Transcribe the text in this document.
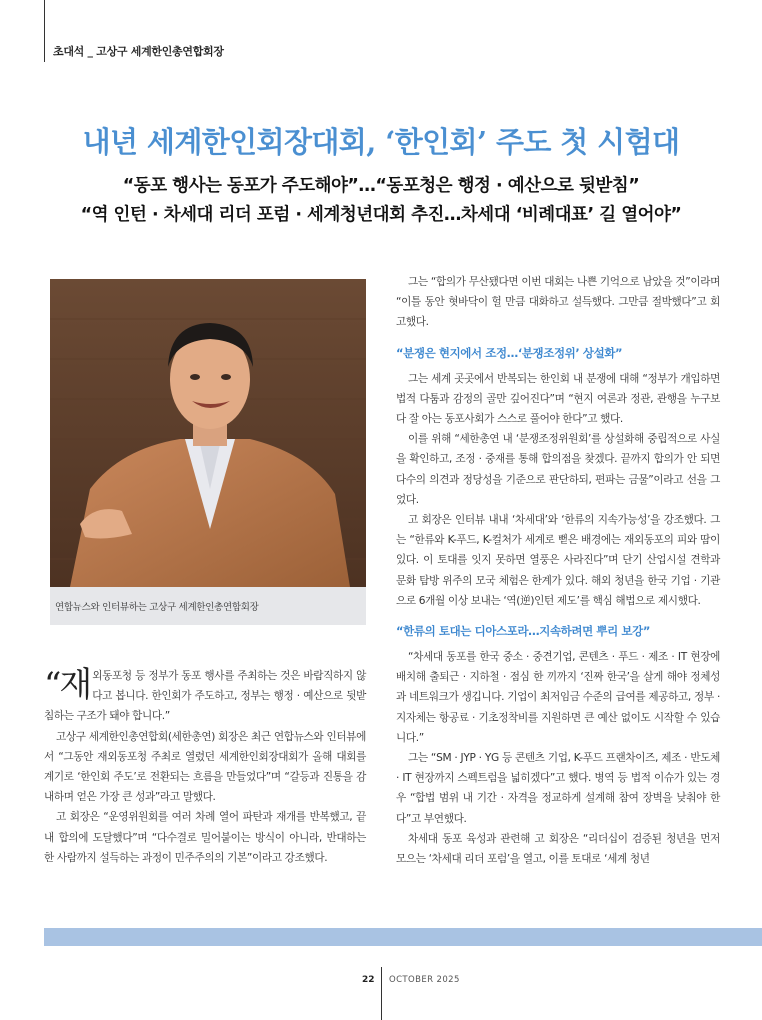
초대석 _ 고상구 세계한인총연합회장
내년 세계한인회장대회, ‘한인회’ 주도 첫 시험대
“동포 행사는 동포가 주도해야”…“동포청은 행정 · 예산으로 뒷받침”
“역 인턴 · 차세대 리더 포럼 · 세계청년대회 추진…차세대 ‘비례대표’ 길 열어야”
연합뉴스와 인터뷰하는 고상구 세계한인총연합회장
“재 외동포청 등 정부가 동포 행사를 주최하는 것은 바람직하지 않다고 봅니다. 한인회가 주도하고, 정부는 행정 · 예산으로 뒷받침하는 구조가 돼야 합니다.”

고상구 세계한인총연합회(세한총연) 회장은 최근 연합뉴스와 인터뷰에서 “그동안 재외동포청 주최로 열렸던 세계한인회장대회가 올해 대회를 계기로 ‘한인회 주도’로 전환되는 흐름을 만들었다”며 “갈등과 진통을 감내하며 얻은 가장 큰 성과”라고 말했다.

고 회장은 “운영위원회를 여러 차례 열어 파탄과 재개를 반복했고, 끝내 합의에 도달했다”며 “다수결로 밀어붙이는 방식이 아니라, 반대하는 한 사람까지 설득하는 과정이 민주주의의 기본”이라고 강조했다.

그는 “합의가 무산됐다면 이번 대회는 나쁜 기억으로 남았을 것”이라며 “이틀 동안 혓바닥이 헐 만큼 대화하고 설득했다. 그만큼 절박했다”고 회고했다.

“분쟁은 현지에서 조정…‘분쟁조정위’ 상설화”

그는 세계 곳곳에서 반복되는 한인회 내 분쟁에 대해 “정부가 개입하면 법적 다툼과 감정의 골만 깊어진다”며 “현지 여론과 정관, 관행을 누구보다 잘 아는 동포사회가 스스로 풀어야 한다”고 했다.

이를 위해 “세한총연 내 ‘분쟁조정위원회’를 상설화해 중립적으로 사실을 확인하고, 조정 · 중재를 통해 합의점을 찾겠다. 끝까지 합의가 안 되면 다수의 의견과 정당성을 기준으로 판단하되, 편파는 금물”이라고 선을 그었다.

고 회장은 인터뷰 내내 ‘차세대’와 ‘한류의 지속가능성’을 강조했다. 그는 “한류와 K-푸드, K-컬처가 세계로 뻗은 배경에는 재외동포의 피와 땀이 있다. 이 토대를 잇지 못하면 열풍은 사라진다”며 단기 산업시설 견학과 문화 탐방 위주의 모국 체험은 한계가 있다. 해외 청년을 한국 기업 · 기관으로 6개월 이상 보내는 ‘역(逆)인턴 제도’를 핵심 해법으로 제시했다.

“한류의 토대는 디아스포라…지속하려면 뿌리 보강”

“차세대 동포를 한국 중소 · 중견기업, 콘텐츠 · 푸드 · 제조 · IT 현장에 배치해 출퇴근 · 지하철 · 점심 한 끼까지 ‘진짜 한국’을 살게 해야 정체성과 네트워크가 생깁니다. 기업이 최저임금 수준의 급여를 제공하고, 정부 · 지자체는 항공료 · 기초정착비를 지원하면 큰 예산 없이도 시작할 수 있습니다.”

그는 “SM · JYP · YG 등 콘텐츠 기업, K-푸드 프랜차이즈, 제조 · 반도체 · IT 현장까지 스펙트럼을 넓히겠다”고 했다. 병역 등 법적 이슈가 있는 경우 “합법 범위 내 기간 · 자격을 정교하게 설계해 참여 장벽을 낮춰야 한다”고 부연했다.

차세대 동포 육성과 관련해 고 회장은 “리더십이 검증된 청년을 먼저 모으는 ‘차세대 리더 포럼’을 열고, 이를 토대로 ‘세계 청년

22 OCTOBER 2025
